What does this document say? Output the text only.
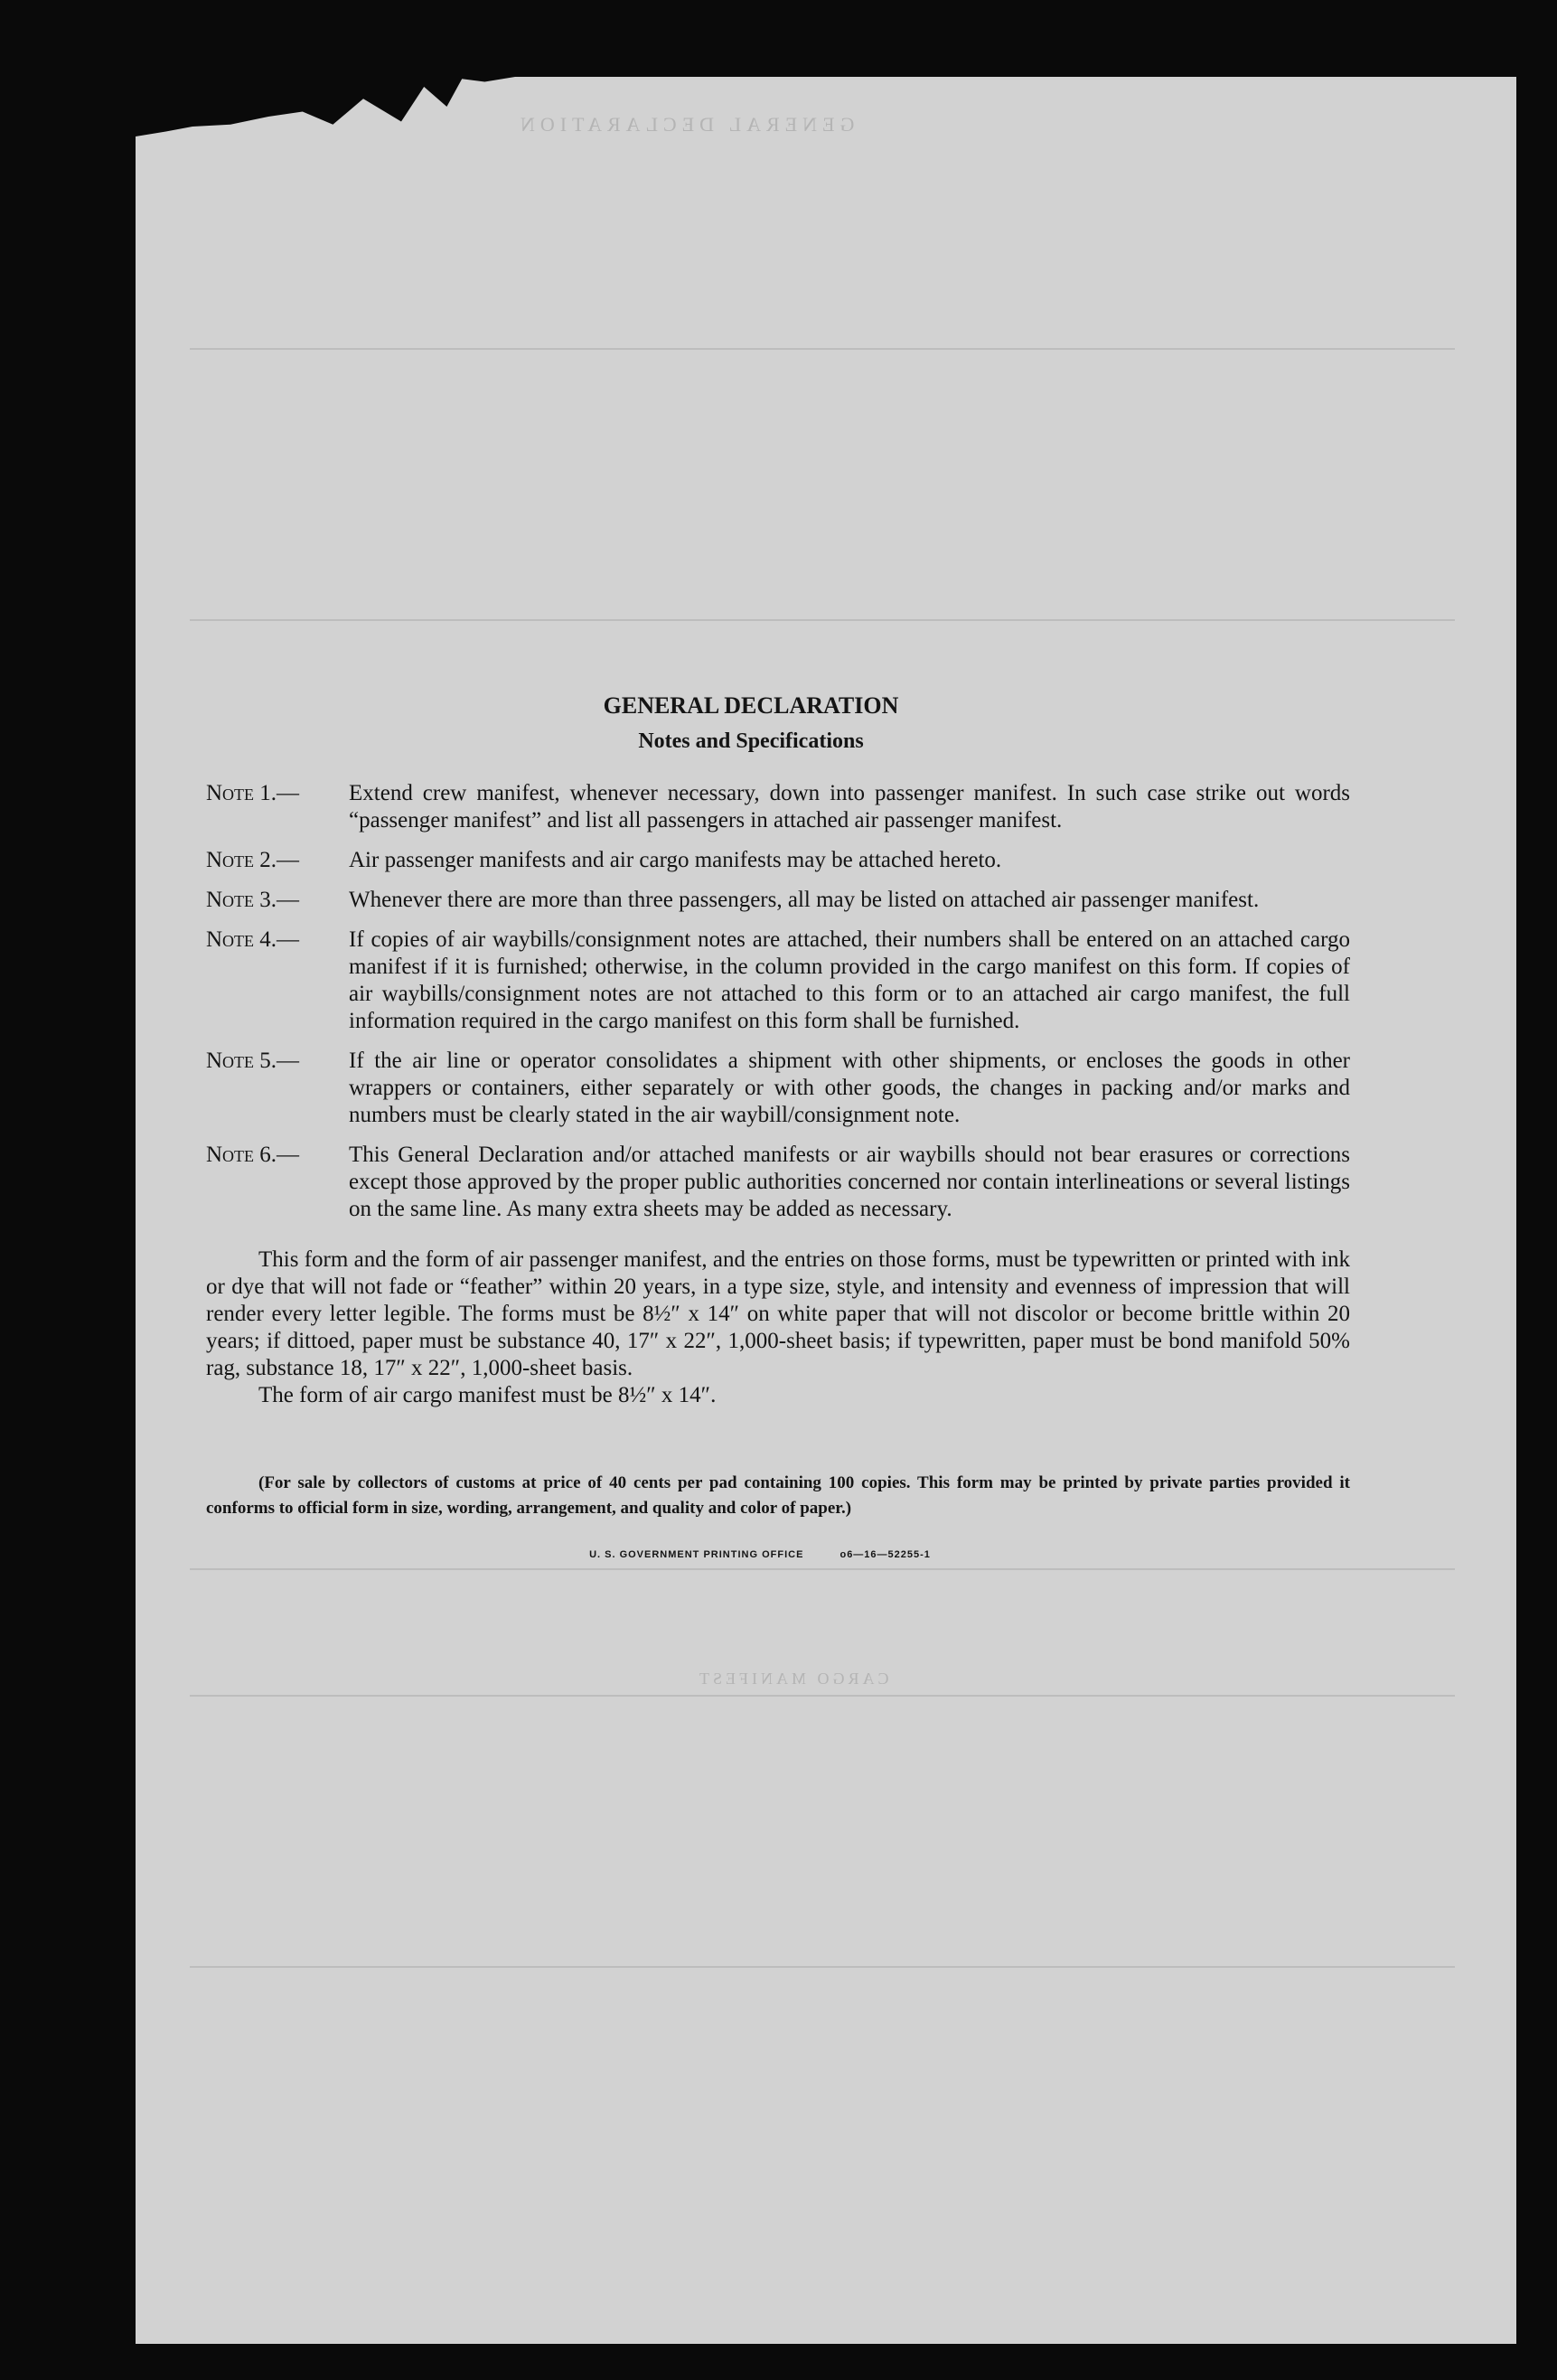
GENERAL DECLARATION
CARGO MANIFEST

GENERAL DECLARATION

Notes and Specifications

Note 1.—	Extend crew manifest, whenever necessary, down into passenger manifest. In such case strike out words “passenger manifest” and list all passengers in attached air passenger manifest.
Note 2.—	Air passenger manifests and air cargo manifests may be attached hereto.
Note 3.—	Whenever there are more than three passengers, all may be listed on attached air passenger manifest.
Note 4.—	If copies of air waybills/consignment notes are attached, their numbers shall be entered on an attached cargo manifest if it is furnished; otherwise, in the column provided in the cargo manifest on this form. If copies of air waybills/consignment notes are not attached to this form or to an attached air cargo manifest, the full information required in the cargo manifest on this form shall be furnished.
Note 5.—	If the air line or operator consolidates a shipment with other shipments, or encloses the goods in other wrappers or containers, either separately or with other goods, the changes in packing and/or marks and numbers must be clearly stated in the air waybill/consignment note.
Note 6.—	This General Declaration and/or attached manifests or air waybills should not bear erasures or corrections except those approved by the proper public authorities concerned nor contain interlineations or several listings on the same line. As many extra sheets may be added as necessary.
This form and the form of air passenger manifest, and the entries on those forms, must be typewritten or printed with ink or dye that will not fade or “feather” within 20 years, in a type size, style, and intensity and evenness of impression that will render every letter legible. The forms must be 8½″ x 14″ on white paper that will not discolor or become brittle within 20 years; if dittoed, paper must be substance 40, 17″ x 22″, 1,000-sheet basis; if typewritten, paper must be bond manifold 50% rag, substance 18, 17″ x 22″, 1,000-sheet basis.
The form of air cargo manifest must be 8½″ x 14″.
(For sale by collectors of customs at price of 40 cents per pad containing 100 copies. This form may be printed by private parties provided it conforms to official form in size, wording, arrangement, and quality and color of paper.)
U. S. GOVERNMENT PRINTING OFFICE	o6—16—52255-1
